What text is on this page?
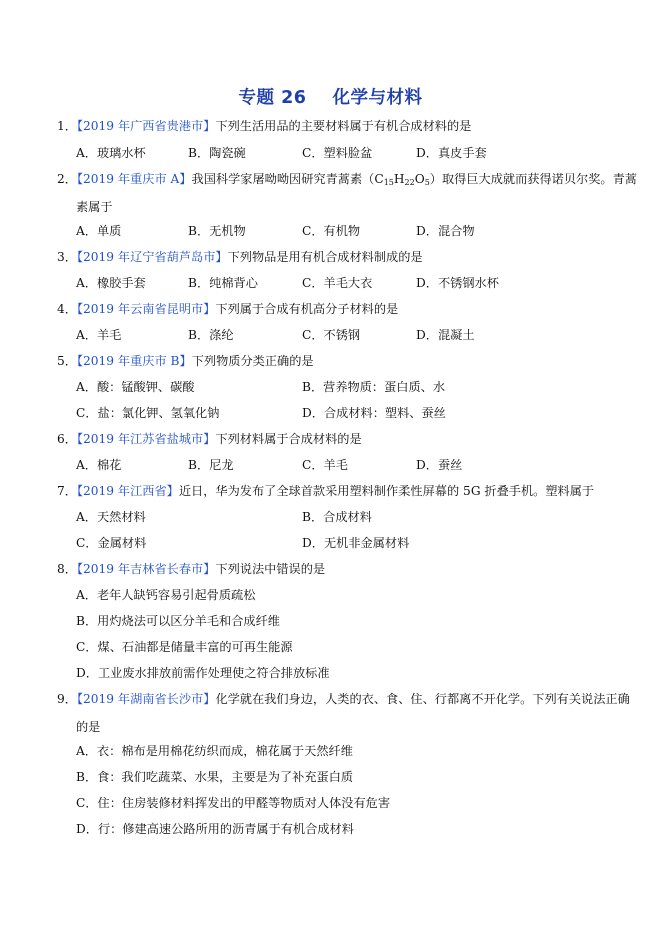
专题 26 化学与材料
1．【2019 年广西省贵港市】下列生活用品的主要材料属于有机合成材料的是
A．玻璃水杯	B．陶瓷碗	C．塑料脸盆	D．真皮手套
2．【2019 年重庆市 A】我国科学家屠呦呦因研究青蒿素$(C_{15}H_{22}O_5)$取得巨大成就而获得诺贝尔奖。青蒿
素属于
A．单质	B．无机物	C．有机物	D．混合物
3．【2019 年辽宁省葫芦岛市】下列物品是用有机合成材料制成的是
A．橡胶手套	B．纯棉背心	C．羊毛大衣	D．不锈钢水杯
4．【2019 年云南省昆明市】下列属于合成有机高分子材料的是
A．羊毛	B．涤纶	C．不锈钢	D．混凝土
5．【2019 年重庆市 B】下列物质分类正确的是
A．酸：锰酸钾、碳酸	B．营养物质：蛋白质、水
C．盐：氯化钾、氢氧化钠	D．合成材料：塑料、蚕丝
6．【2019 年江苏省盐城市】下列材料属于合成材料的是
A．棉花	B．尼龙	C．羊毛	D．蚕丝
7．【2019 年江西省】近日，华为发布了全球首款采用塑料制作柔性屏幕的 5G 折叠手机。塑料属于
A．天然材料	B．合成材料
C．金属材料	D．无机非金属材料
8．【2019 年吉林省长春市】下列说法中错误的是
A．老年人缺钙容易引起骨质疏松
B．用灼烧法可以区分羊毛和合成纤维
C．煤、石油都是储量丰富的可再生能源
D．工业废水排放前需作处理使之符合排放标准
9．【2019 年湖南省长沙市】化学就在我们身边，人类的衣、食、住、行都离不开化学。下列有关说法正确
的是
A．衣：棉布是用棉花纺织而成，棉花属于天然纤维
B．食：我们吃蔬菜、水果，主要是为了补充蛋白质
C．住：住房装修材料挥发出的甲醛等物质对人体没有危害
D．行：修建高速公路所用的沥青属于有机合成材料
